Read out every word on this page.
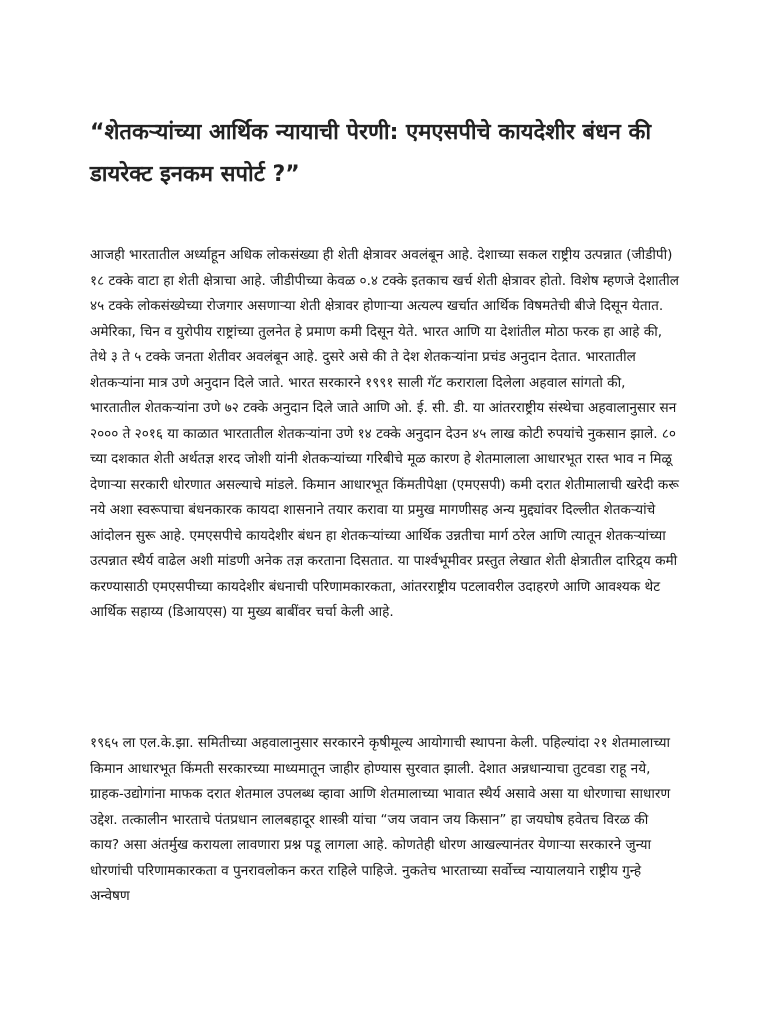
“शेतकऱ्यांच्या आर्थिक न्यायाची पेरणी: एमएसपीचे कायदेशीर बंधन की डायरेक्ट इनकम सपोर्ट ?”

आजही भारतातील अर्ध्याहून अधिक लोकसंख्या ही शेती क्षेत्रावर अवलंबून आहे. देशाच्या सकल राष्ट्रीय उत्पन्नात (जीडीपी) १८ टक्के वाटा हा शेती क्षेत्राचा आहे. जीडीपीच्या केवळ ०.४ टक्के इतकाच खर्च शेती क्षेत्रावर होतो. विशेष म्हणजे देशातील ४५ टक्के लोकसंख्येच्या रोजगार असणाऱ्या शेती क्षेत्रावर होणाऱ्या अत्यल्प खर्चात आर्थिक विषमतेची बीजे दिसून येतात. अमेरिका, चिन व युरोपीय राष्ट्रांच्या तुलनेत हे प्रमाण कमी दिसून येते. भारत आणि या देशांतील मोठा फरक हा आहे की, तेथे ३ ते ५ टक्के जनता शेतीवर अवलंबून आहे. दुसरे असे की ते देश शेतकऱ्यांना प्रचंड अनुदान देतात. भारतातील शेतकऱ्यांना मात्र उणे अनुदान दिले जाते. भारत सरकारने १९९१ साली गॅट कराराला दिलेला अहवाल सांगतो की, भारतातील शेतकऱ्यांना उणे ७२ टक्के अनुदान दिले जाते आणि ओ. ई. सी. डी. या आंतरराष्ट्रीय संस्थेचा अहवालानुसार सन २००० ते २०१६ या काळात भारतातील शेतकऱ्यांना उणे १४ टक्के अनुदान देउन ४५ लाख कोटी रुपयांचे नुकसान झाले. ८० च्या दशकात शेती अर्थतज्ञ शरद जोशी यांनी शेतकऱ्यांच्या गरिबीचे मूळ कारण हे शेतमालाला आधारभूत रास्त भाव न मिळू देणाऱ्या सरकारी धोरणात असल्याचे मांडले. किमान आधारभूत किंमतीपेक्षा (एमएसपी) कमी दरात शेतीमालाची खरेदी करू नये अशा स्वरूपाचा बंधनकारक कायदा शासनाने तयार करावा या प्रमुख मागणीसह अन्य मुद्द्यांवर दिल्लीत शेतकऱ्यांचे आंदोलन सुरू आहे. एमएसपीचे कायदेशीर बंधन हा शेतकऱ्यांच्या आर्थिक उन्नतीचा मार्ग ठरेल आणि त्यातून शेतकऱ्यांच्या उत्पन्नात स्थैर्य वाढेल अशी मांडणी अनेक तज्ञ करताना दिसतात. या पार्श्वभूमीवर प्रस्तुत लेखात शेती क्षेत्रातील दारिद्र्य कमी करण्यासाठी एमएसपीच्या कायदेशीर बंधनाची परिणामकारकता, आंतरराष्ट्रीय पटलावरील उदाहरणे आणि आवश्यक थेट आर्थिक सहाय्य (डिआयएस) या मुख्य बाबींवर चर्चा केली आहे.

१९६५ ला एल.के.झा. समितीच्या अहवालानुसार सरकारने कृषीमूल्य आयोगाची स्थापना केली. पहिल्यांदा २१ शेतमालाच्या किमान आधारभूत किंमती सरकारच्या माध्यमातून जाहीर होण्यास सुरवात झाली. देशात अन्नधान्याचा तुटवडा राहू नये, ग्राहक-उद्योगांना माफक दरात शेतमाल उपलब्ध व्हावा आणि शेतमालाच्या भावात स्थैर्य असावे असा या धोरणाचा साधारण उद्देश. तत्कालीन भारताचे पंतप्रधान लालबहादूर शास्त्री यांचा “जय जवान जय किसान” हा जयघोष हवेतच विरळ की काय? असा अंतर्मुख करायला लावणारा प्रश्न पडू लागला आहे. कोणतेही धोरण आखल्यानंतर येणाऱ्या सरकारने जुन्या धोरणांची परिणामकारकता व पुनरावलोकन करत राहिले पाहिजे. नुकतेच भारताच्या सर्वोच्च न्यायालयाने राष्ट्रीय गुन्हे अन्वेषण
